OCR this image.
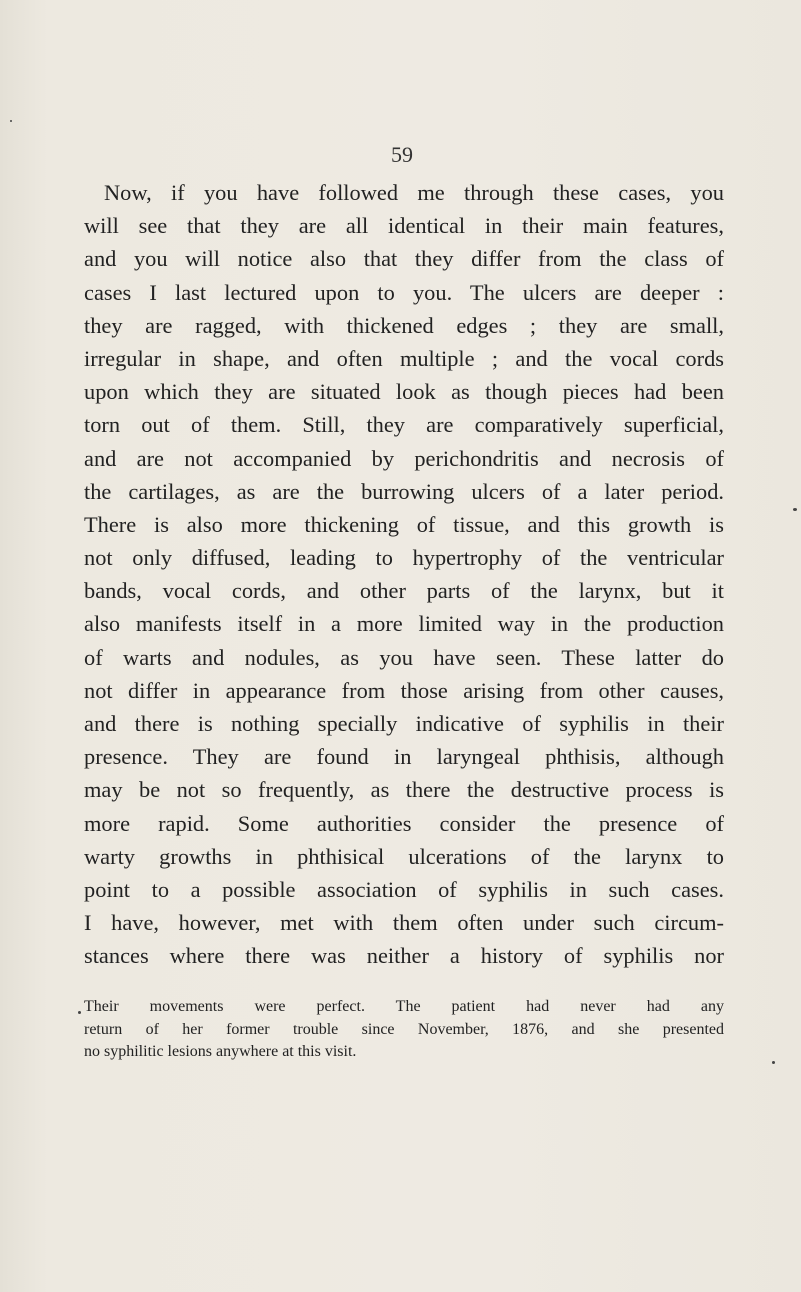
59
Now, if you have followed me through these cases, you
will see that they are all identical in their main features,
and you will notice also that they differ from the class of
cases I last lectured upon to you. The ulcers are deeper :
they are ragged, with thickened edges ; they are small,
irregular in shape, and often multiple ; and the vocal cords
upon which they are situated look as though pieces had been
torn out of them. Still, they are comparatively superficial,
and are not accompanied by perichondritis and necrosis of
the cartilages, as are the burrowing ulcers of a later period.
There is also more thickening of tissue, and this growth is
not only diffused, leading to hypertrophy of the ventricular
bands, vocal cords, and other parts of the larynx, but it
also manifests itself in a more limited way in the production
of warts and nodules, as you have seen. These latter do
not differ in appearance from those arising from other causes,
and there is nothing specially indicative of syphilis in their
presence. They are found in laryngeal phthisis, although
may be not so frequently, as there the destructive process is
more rapid. Some authorities consider the presence of
warty growths in phthisical ulcerations of the larynx to
point to a possible association of syphilis in such cases.
I have, however, met with them often under such circum-
stances where there was neither a history of syphilis nor
Their movements were perfect. The patient had never had any
return of her former trouble since November, 1876, and she presented
no syphilitic lesions anywhere at this visit.
